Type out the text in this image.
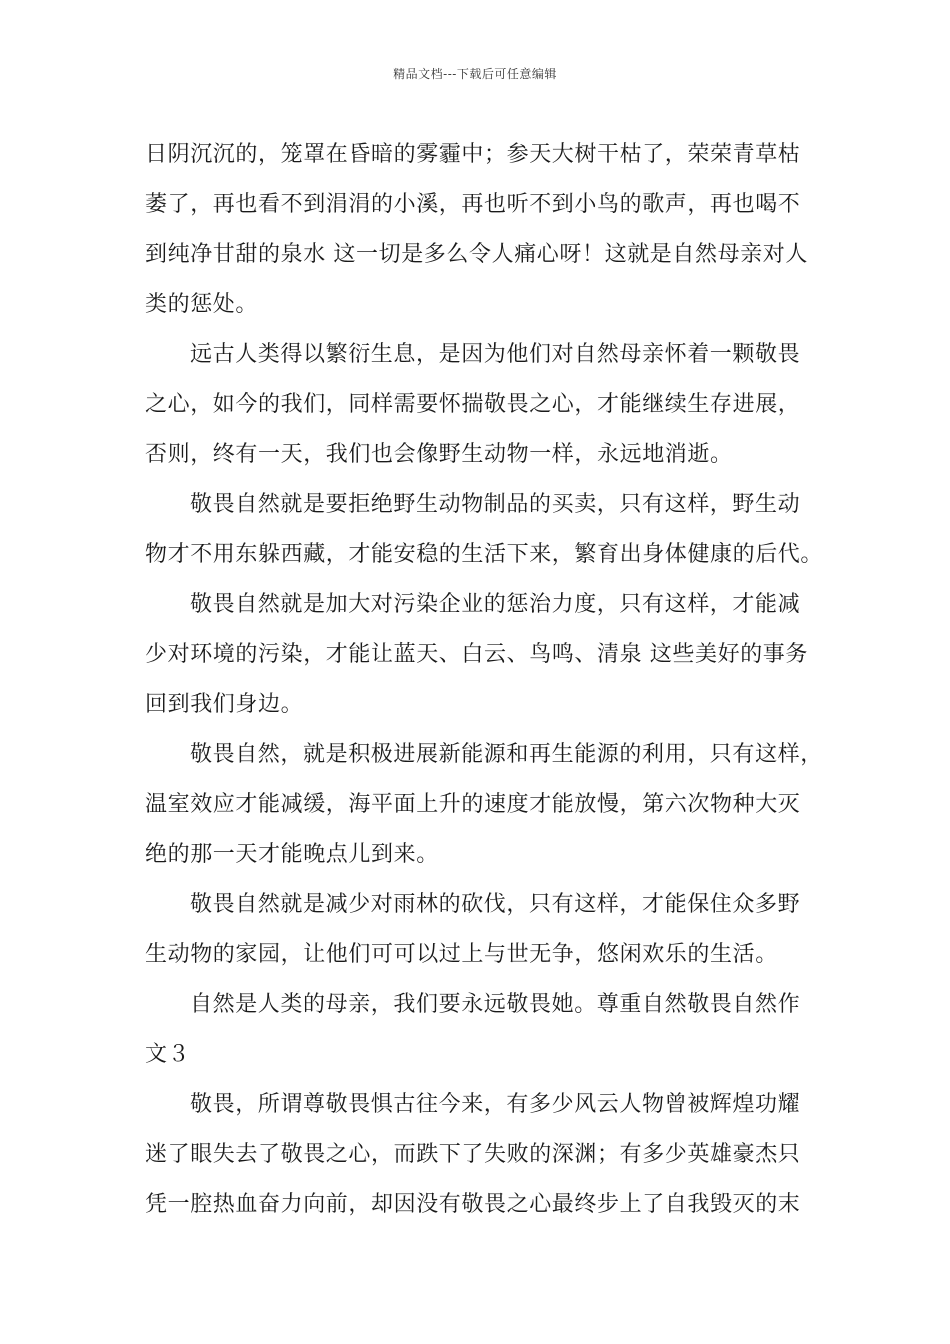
精品文档---下载后可任意编辑
日阴沉沉的，笼罩在昏暗的雾霾中；参天大树干枯了，荣荣青草枯
萎了，再也看不到涓涓的小溪，再也听不到小鸟的歌声，再也喝不
到纯净甘甜的泉水 这一切是多么令人痛心呀！这就是自然母亲对人
类的惩处。
远古人类得以繁衍生息，是因为他们对自然母亲怀着一颗敬畏
之心，如今的我们，同样需要怀揣敬畏之心，才能继续生存进展，
否则，终有一天，我们也会像野生动物一样，永远地消逝。
敬畏自然就是要拒绝野生动物制品的买卖，只有这样，野生动
物才不用东躲西藏，才能安稳的生活下来，繁育出身体健康的后代。
敬畏自然就是加大对污染企业的惩治力度，只有这样，才能减
少对环境的污染，才能让蓝天、白云、鸟鸣、清泉 这些美好的事务
回到我们身边。
敬畏自然，就是积极进展新能源和再生能源的利用，只有这样，
温室效应才能减缓，海平面上升的速度才能放慢，第六次物种大灭
绝的那一天才能晚点儿到来。
敬畏自然就是减少对雨林的砍伐，只有这样，才能保住众多野
生动物的家园，让他们可可以过上与世无争，悠闲欢乐的生活。
自然是人类的母亲，我们要永远敬畏她。尊重自然敬畏自然作
文３
敬畏，所谓尊敬畏惧古往今来，有多少风云人物曾被辉煌功耀
迷了眼失去了敬畏之心，而跌下了失败的深渊；有多少英雄豪杰只
凭一腔热血奋力向前，却因没有敬畏之心最终步上了自我毁灭的末
